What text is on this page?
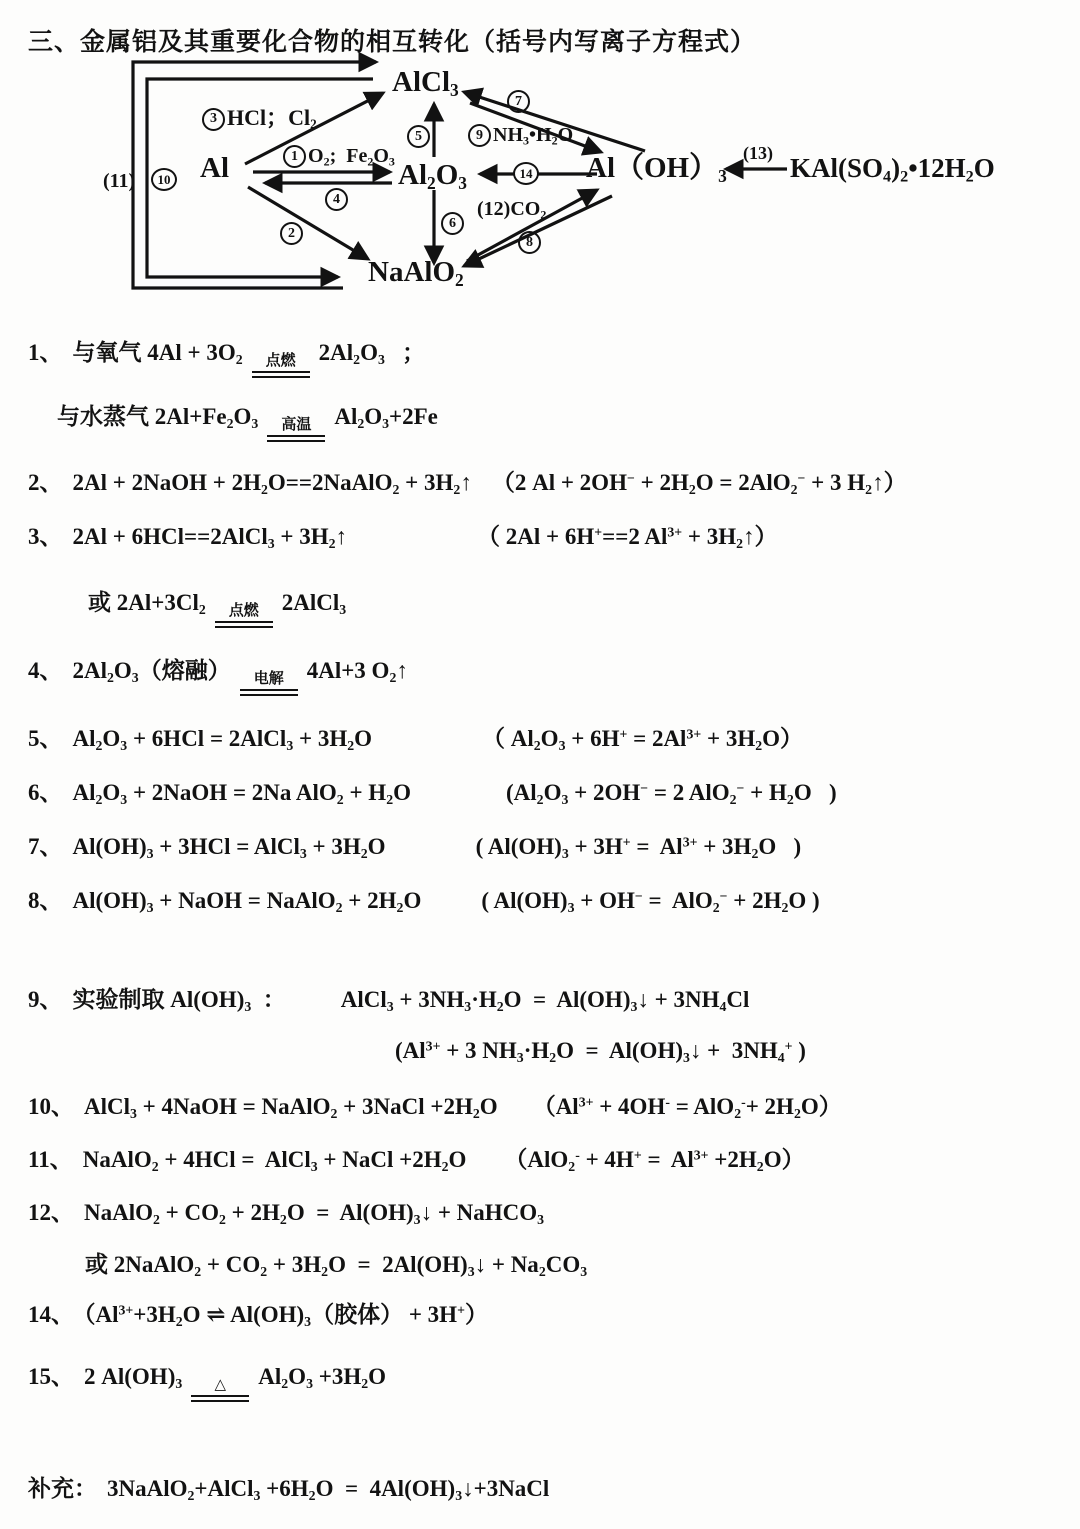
三、金属铝及其重要化合物的相互转化（括号内写离子方程式）
AlCl$_3$
Al	$Al_2O_3$
NaAlO$_2$
$Al(OH)_3$ $KAl(SO_4)_2•12H_2O$
3 HCl；$Cl_2$
1 $O_2$;  $Fe_2O_3$
4
2
5
6
7
9 $NH_3•H_2O$
14
$(12)CO_2$
8
10
(11)
(13)
1、 与氧气 $4Al + 3O_2$	点燃 $2Al_2O_3$   ；
与水蒸气 $2Al+Fe_2O_3$	高温 $Al_2O_3+2Fe$
2、 2Al + 2NaOH + $2H_2O==2NaAlO_2$ + $3H_2↑$ （2 $Al + 2OH^- + 2H_2O = 2AlO_2^- + 3$ $H_2↑$）
3、 2Al + 6HCl==2AlCl$_3$ + $3H_2↑$	（ 2Al + 6H+==2 $Al^{3+}$ + $3H_2↑$）
或 $2Al+3Cl_2$	点燃 2AlCl$_3$
4、 $2Al_2O_3$（熔融）	电解 4Al+3 $O_2↑$
5、 $Al_2O_3 + 6HCl$ = 2AlCl$_3$ + $3H_2O$	（ $Al_2O_3 + 6H^+ = 2Al^{3+} + 3H_2O$）
6、 $Al_2O_3$ + 2NaOH = 2Na $AlO_2 + H_2O$	($Al_2O_3 + 2OH^- = 2$ $AlO_2^- + H_2O$   )
7、 $Al(OH)_3 + 3HCl$ = AlCl$_3$ + $3H_2O$	( $Al(OH)_3 + 3H^+ = Al^{3+} + 3H_2O$   )
8、 $Al(OH)_3$ + NaOH = NaAlO$_2$ + $2H_2O$	( $Al(OH)_3 + OH^- = AlO_2^- + 2H_2O$ )
9、 实验制取 $Al(OH)_3$  ： AlCl$_3$ + $3NH_3\cdot H_2O$  =  $Al(OH)_3↓ + 3NH_4Cl$
($Al^{3+} + 3$ $NH_3\cdot H_2O$  =  $Al(OH)_3↓ + 3NH_4^+$ )
10、 AlCl$_3$ + 4NaOH = NaAlO$_2$ + 3NaCl $+2H_2O$ $(Al^{3+} + 4OH^- = AlO_2^-+ 2H_2O)$
11、 NaAlO$_2$ + 4HCl =  AlCl$_3$ + NaCl $+2H_2O$ $(AlO_2^- + 4H^+ = Al^{3+} +2H_2O)$
12、 NaAlO$_2$ + $CO_2 + 2H_2O$  =  $Al(OH)_3↓$ + NaHCO$_3$
或 2NaAlO$_2$ + $CO_2 + 3H_2O$  =  $2Al(OH)_3↓ + Na_2CO_3$
14、 （$Al^{3+}+3H_2O$ ⇌ $Al(OH)_3$（胶体） + 3H+）
15、 2 $Al(OH)_3$	△ $Al_2O_3 +3H_2O$
补充： 3NaAlO$_2$+AlCl$_3$ $+6H_2O$  =  $4Al(OH)_3↓+3NaCl$
